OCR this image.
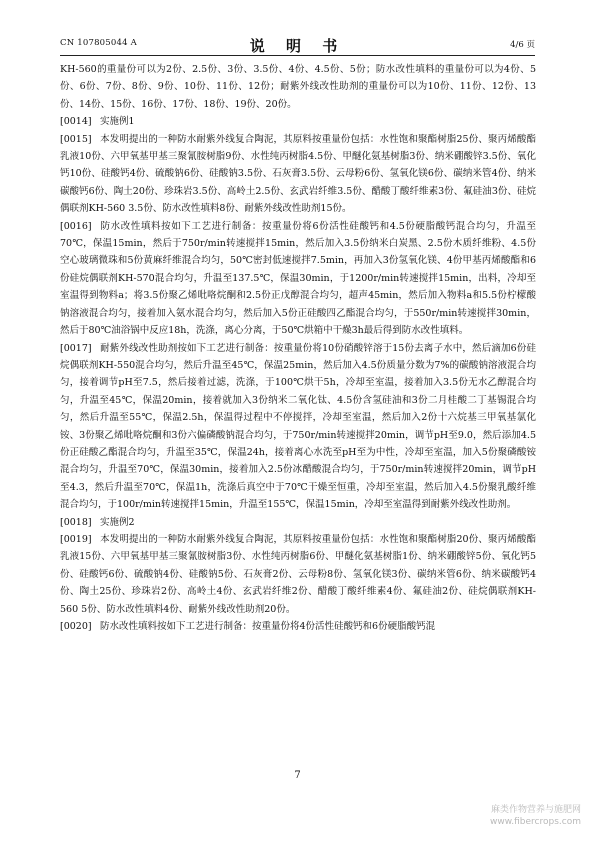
CN 107805044 A	说 明 书	4/6 页

KH-560的重量份可以为2份、2.5份、3份、3.5份、4份、4.5份、5份；防水改性填料的重量份可以为4份、5份、6份、7份、8份、9份、10份、11份、12份；耐紫外线改性助剂的重量份可以为10份、11份、12份、13份、14份、15份、16份、17份、18份、19份、20份。

[0014] 实施例1

[0015] 本发明提出的一种防水耐紫外线复合陶泥，其原料按重量份包括：水性饱和聚酯树脂25份、聚丙烯酸酯乳液10份、六甲氧基甲基三聚氰胺树脂9份、水性纯丙树脂4.5份、甲醚化氨基树脂3份、纳米硼酸锌3.5份、氧化钙10份、硅酸钙4份、硫酸钠6份、硅酸钠3.5份、石灰膏3.5份、云母粉6份、氢氧化镁6份、碳纳米管4份、纳米碳酸钙6份、陶土20份、珍珠岩3.5份、高岭土2.5份、玄武岩纤维3.5份、醋酸丁酸纤维素3份、氟硅油3份、硅烷偶联剂KH-560 3.5份、防水改性填料8份、耐紫外线改性助剂15份。

[0016] 防水改性填料按如下工艺进行制备：按重量份将6份活性硅酸钙和4.5份硬脂酸钙混合均匀，升温至70℃，保温15min，然后于750r/min转速搅拌15min，然后加入3.5份纳米白炭黑、2.5份木质纤维粉、4.5份空心玻璃微珠和5份黄麻纤维混合均匀，50℃密封低速搅拌7.5min，再加入3份氢氧化镁、4份甲基丙烯酸酯和6份硅烷偶联剂KH-570混合均匀，升温至137.5℃，保温30min，于1200r/min转速搅拌15min，出料，冷却至室温得到物料a；将3.5份聚乙烯吡咯烷酮和2.5份正戊醇混合均匀，超声45min，然后加入物料a和5.5份柠檬酸钠溶液混合均匀，接着加入氨水混合均匀，然后加入5份正硅酸四乙酯混合均匀，于550r/min转速搅拌30min，然后于80℃油浴锅中反应18h，洗涤，离心分离，于50℃烘箱中干燥3h最后得到防水改性填料。

[0017] 耐紫外线改性助剂按如下工艺进行制备：按重量份将10份硝酸锌溶于15份去离子水中，然后滴加6份硅烷偶联剂KH-550混合均匀，然后升温至45℃，保温25min，然后加入4.5份质量分数为7%的碳酸钠溶液混合均匀，接着调节pH至7.5，然后接着过滤，洗涤，于100℃烘干5h，冷却至室温，接着加入3.5份无水乙醇混合均匀，升温至45℃，保温20min，接着就加入3份纳米二氧化钛、4.5份含氢硅油和3份二月桂酸二丁基锡混合均匀，然后升温至55℃，保温2.5h，保温得过程中不停搅拌，冷却至室温，然后加入2份十六烷基三甲氧基氯化铵、3份聚乙烯吡咯烷酮和3份六偏磷酸钠混合均匀，于750r/min转速搅拌20min，调节pH至9.0，然后添加4.5份正硅酸乙酯混合均匀，升温至35℃，保温24h，接着离心水洗至pH至为中性，冷却至室温，加入5份聚磷酸铵混合均匀，升温至70℃，保温30min，接着加入2.5份冰醋酸混合均匀，于750r/min转速搅拌20min，调节pH至4.3，然后升温至70℃，保温1h，洗涤后真空中于70℃干燥至恒重，冷却至室温，然后加入4.5份聚乳酸纤维混合均匀，于100r/min转速搅拌15min，升温至155℃，保温15min，冷却至室温得到耐紫外线改性助剂。

[0018] 实施例2

[0019] 本发明提出的一种防水耐紫外线复合陶泥，其原料按重量份包括：水性饱和聚酯树脂20份、聚丙烯酸酯乳液15份、六甲氧基甲基三聚氰胺树脂3份、水性纯丙树脂6份、甲醚化氨基树脂1份、纳米硼酸锌5份、氧化钙5份、硅酸钙6份、硫酸钠4份、硅酸钠5份、石灰膏2份、云母粉8份、氢氧化镁3份、碳纳米管6份、纳米碳酸钙4份、陶土25份、珍珠岩2份、高岭土4份、玄武岩纤维2份、醋酸丁酸纤维素4份、氟硅油2份、硅烷偶联剂KH-560 5份、防水改性填料4份、耐紫外线改性助剂20份。

[0020] 防水改性填料按如下工艺进行制备：按重量份将4份活性硅酸钙和6份硬脂酸钙混

7
麻类作物营养与施肥网
www.fibercrops.com
